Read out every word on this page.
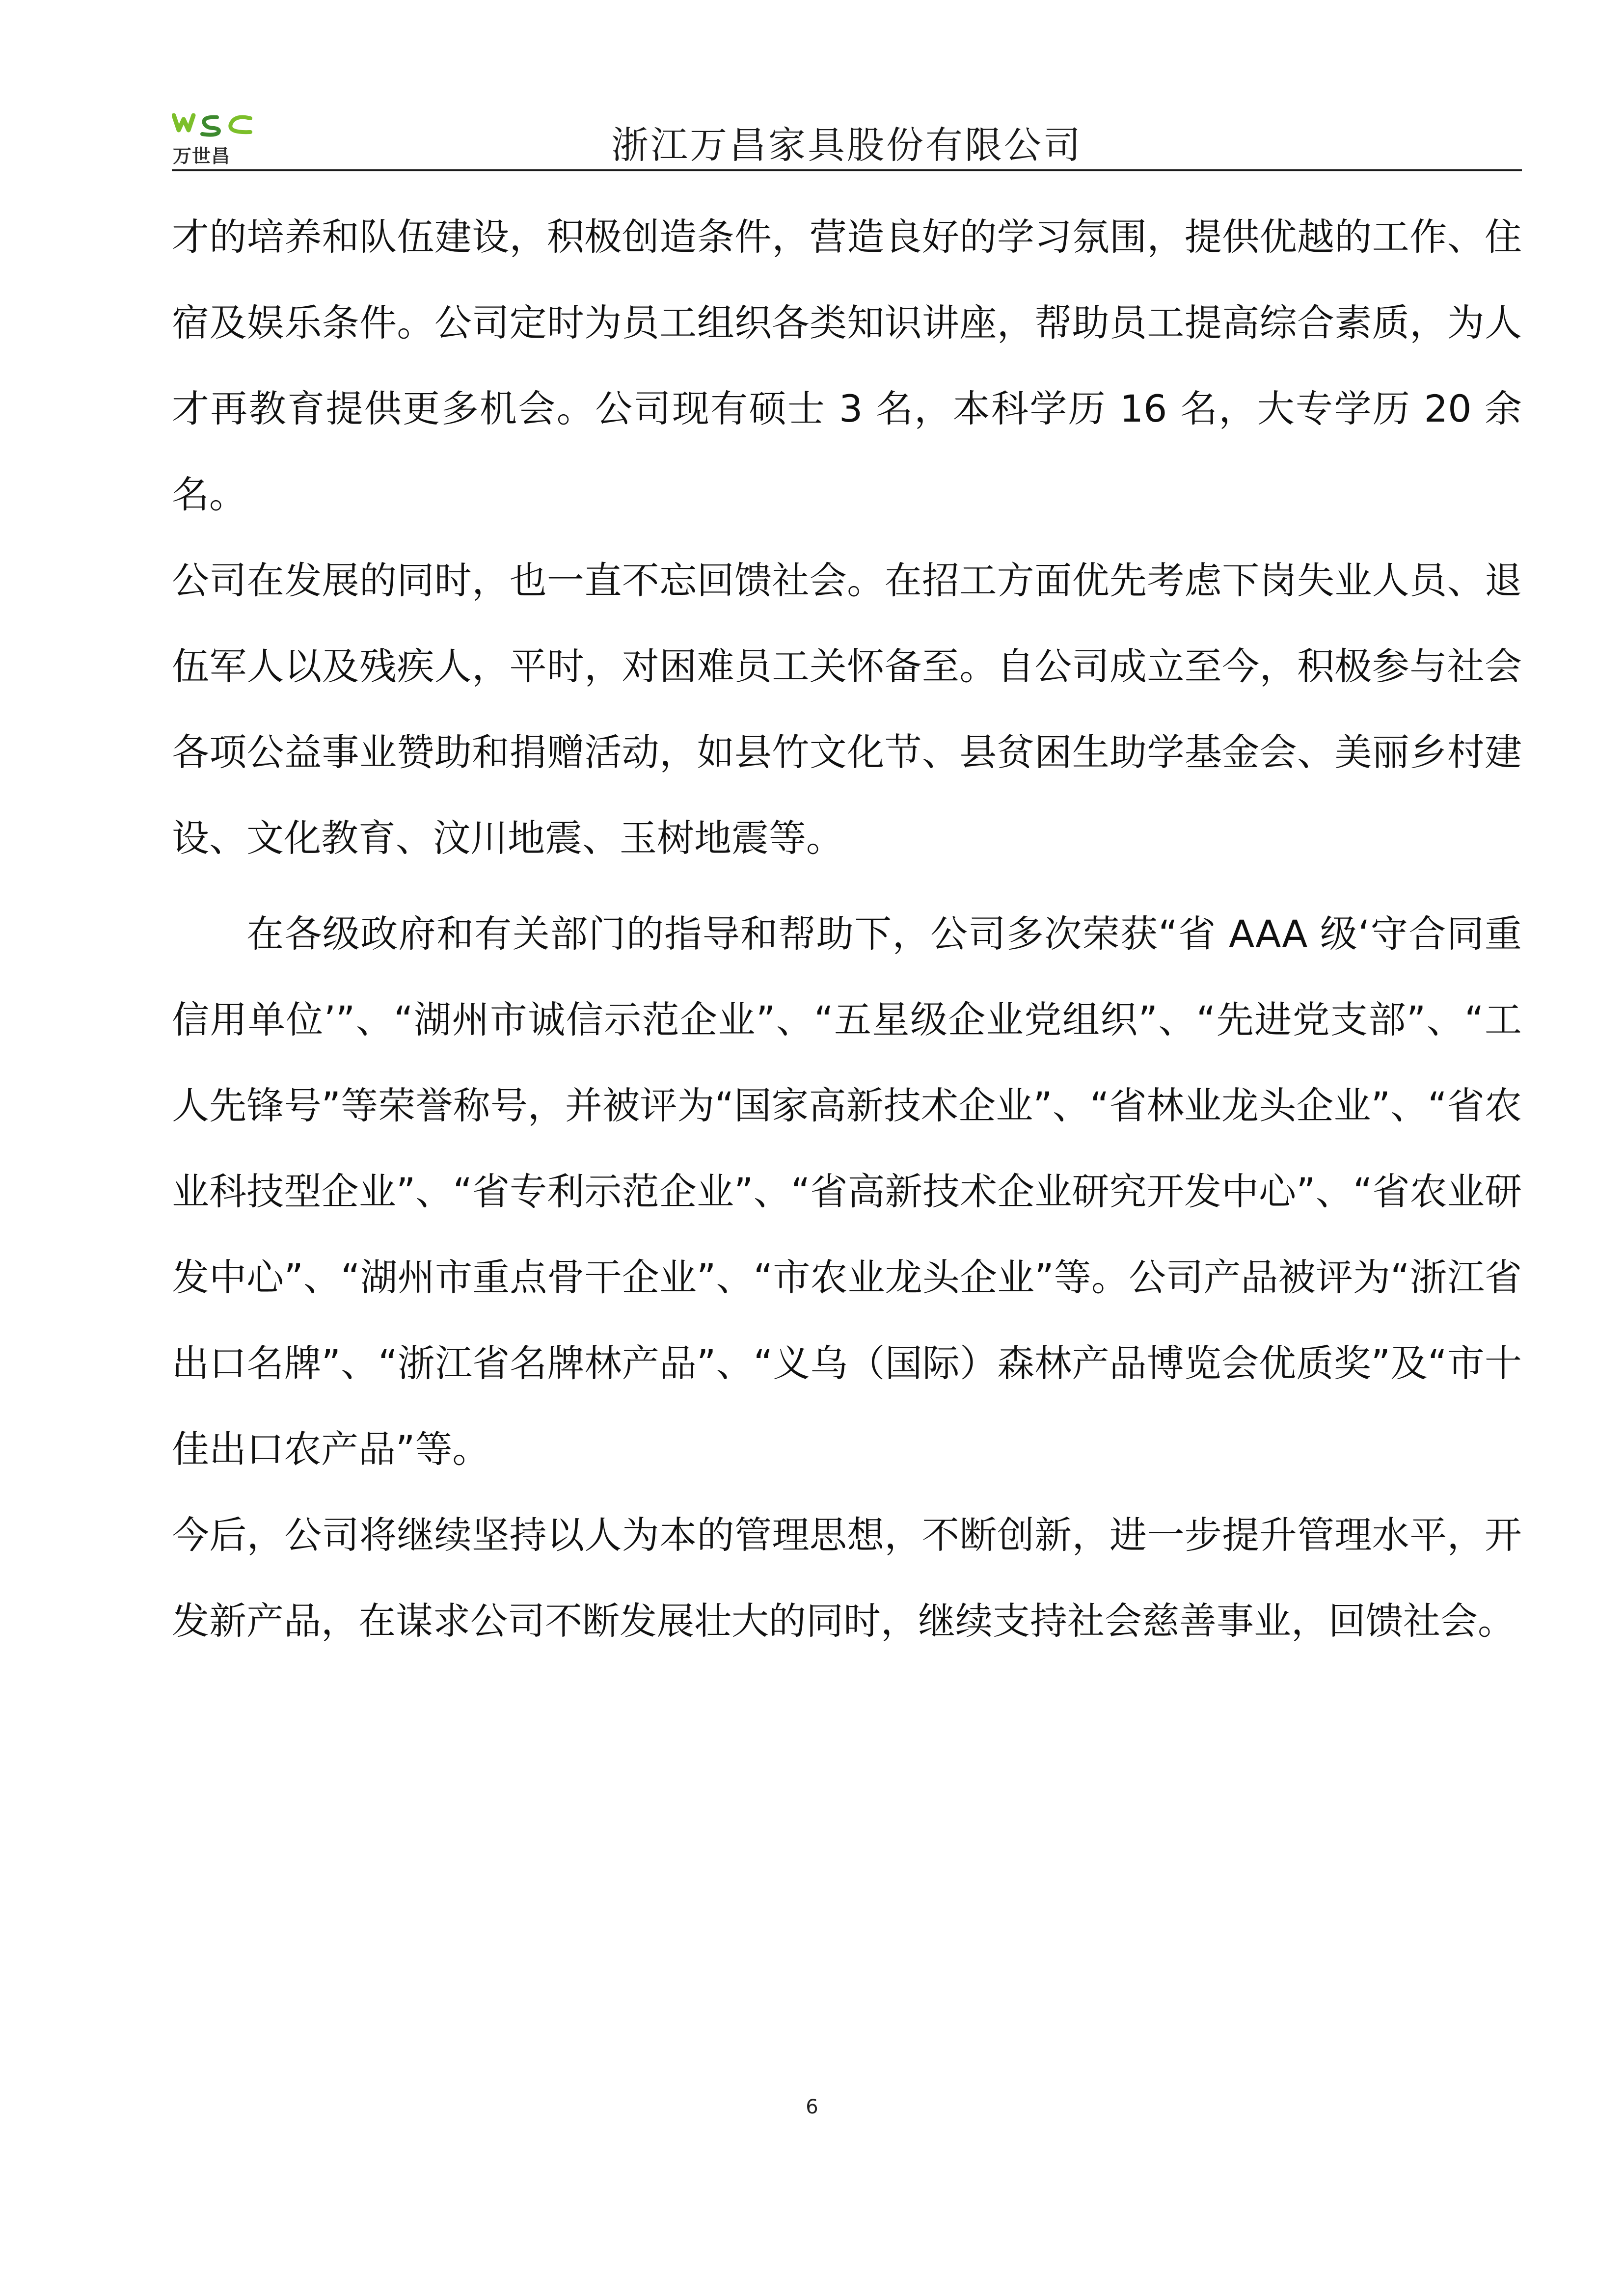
万世昌	浙江万昌家具股份有限公司

才的培养和队伍建设，积极创造条件，营造良好的学习氛围，提供优越的工作、住宿及娱乐条件。公司定时为员工组织各类知识讲座，帮助员工提高综合素质，为人才再教育提供更多机会。公司现有硕士 3 名，本科学历 16 名，大专学历 20 余名。

公司在发展的同时，也一直不忘回馈社会。在招工方面优先考虑下岗失业人员、退伍军人以及残疾人，平时，对困难员工关怀备至。自公司成立至今，积极参与社会各项公益事业赞助和捐赠活动，如县竹文化节、县贫困生助学基金会、美丽乡村建设、文化教育、汶川地震、玉树地震等。

在各级政府和有关部门的指导和帮助下，公司多次荣获“省 AAA 级‘守合同重信用单位’”、“湖州市诚信示范企业”、“五星级企业党组织”、“先进党支部”、“工人先锋号”等荣誉称号，并被评为“国家高新技术企业”、“省林业龙头企业”、“省农业科技型企业”、“省专利示范企业”、“省高新技术企业研究开发中心”、“省农业研发中心”、“湖州市重点骨干企业”、“市农业龙头企业”等。公司产品被评为“浙江省出口名牌”、“浙江省名牌林产品”、“义乌（国际）森林产品博览会优质奖”及“市十佳出口农产品”等。

今后，公司将继续坚持以人为本的管理思想，不断创新，进一步提升管理水平，开发新产品，在谋求公司不断发展壮大的同时，继续支持社会慈善事业，回馈社会。

6
